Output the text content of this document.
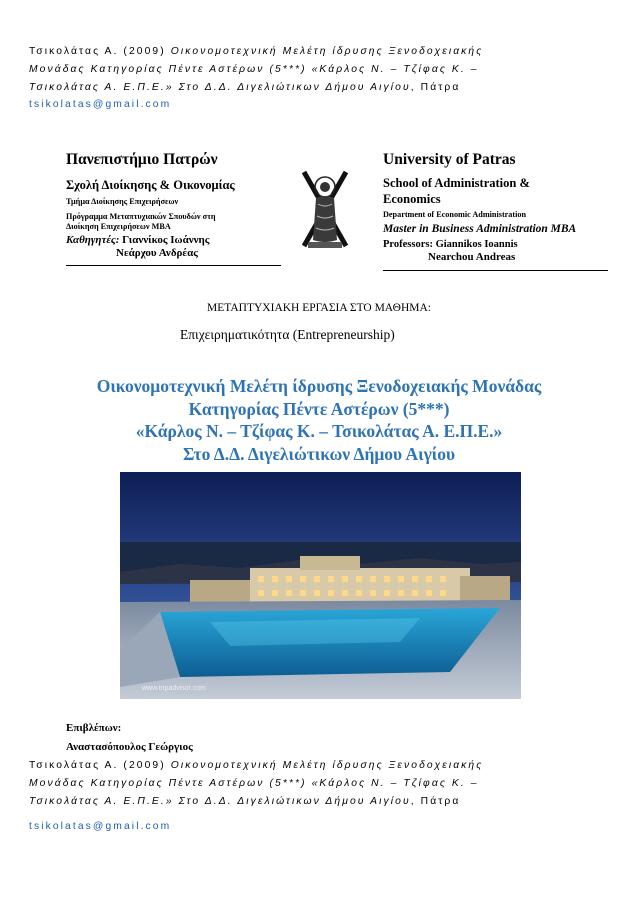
Τσικολάτας Α. (2009) Οικονομοτεχνική Μελέτη ίδρυσης Ξενοδοχειακής
Μονάδας Κατηγορίας Πέντε Αστέρων (5***) «Κάρλος Ν. – Τζίφας Κ. –
Τσικολάτας Α. Ε.Π.Ε.» Στο Δ.Δ. Διγελιώτικων Δήμου Αιγίου, Πάτρα
tsikolatas@gmail.com
Πανεπιστήμιο Πατρών
Σχολή Διοίκησης & Οικονομίας
Τμήμα Διοίκησης Επιχειρήσεων
Πρόγραμμα Μεταπτυχιακών Σπουδών στη
Διοίκηση Επιχειρήσεων MBA
Καθηγητές: Γιαννίκος Ιωάννης
Νεάρχου Ανδρέας
University of Patras
School of Administration &
Economics
Department of Economic Administration
Master in Business Administration MBA
Professors: Giannikos Ioannis
Nearchou Andreas
ΜΕΤΑΠΤΥΧΙΑΚΗ ΕΡΓΑΣΙΑ ΣΤΟ ΜΑΘΗΜΑ:
Επιχειρηματικότητα (Entrepreneurship)
Οικονομοτεχνική Μελέτη ίδρυσης Ξενοδοχειακής Μονάδας
Κατηγορίας Πέντε Αστέρων (5***)
«Κάρλος Ν. – Τζίφας Κ. – Τσικολάτας Α. Ε.Π.Ε.»
Στο Δ.Δ. Διγελιώτικων Δήμου Αιγίου
www.tripadvisor.com
Επιβλέπων:
Αναστασόπουλος Γεώργιος
Τσικολάτας Α. (2009) Οικονομοτεχνική Μελέτη ίδρυσης Ξενοδοχειακής
Μονάδας Κατηγορίας Πέντε Αστέρων (5***) «Κάρλος Ν. – Τζίφας Κ. –
Τσικολάτας Α. Ε.Π.Ε.» Στο Δ.Δ. Διγελιώτικων Δήμου Αιγίου, Πάτρα
tsikolatas@gmail.com
